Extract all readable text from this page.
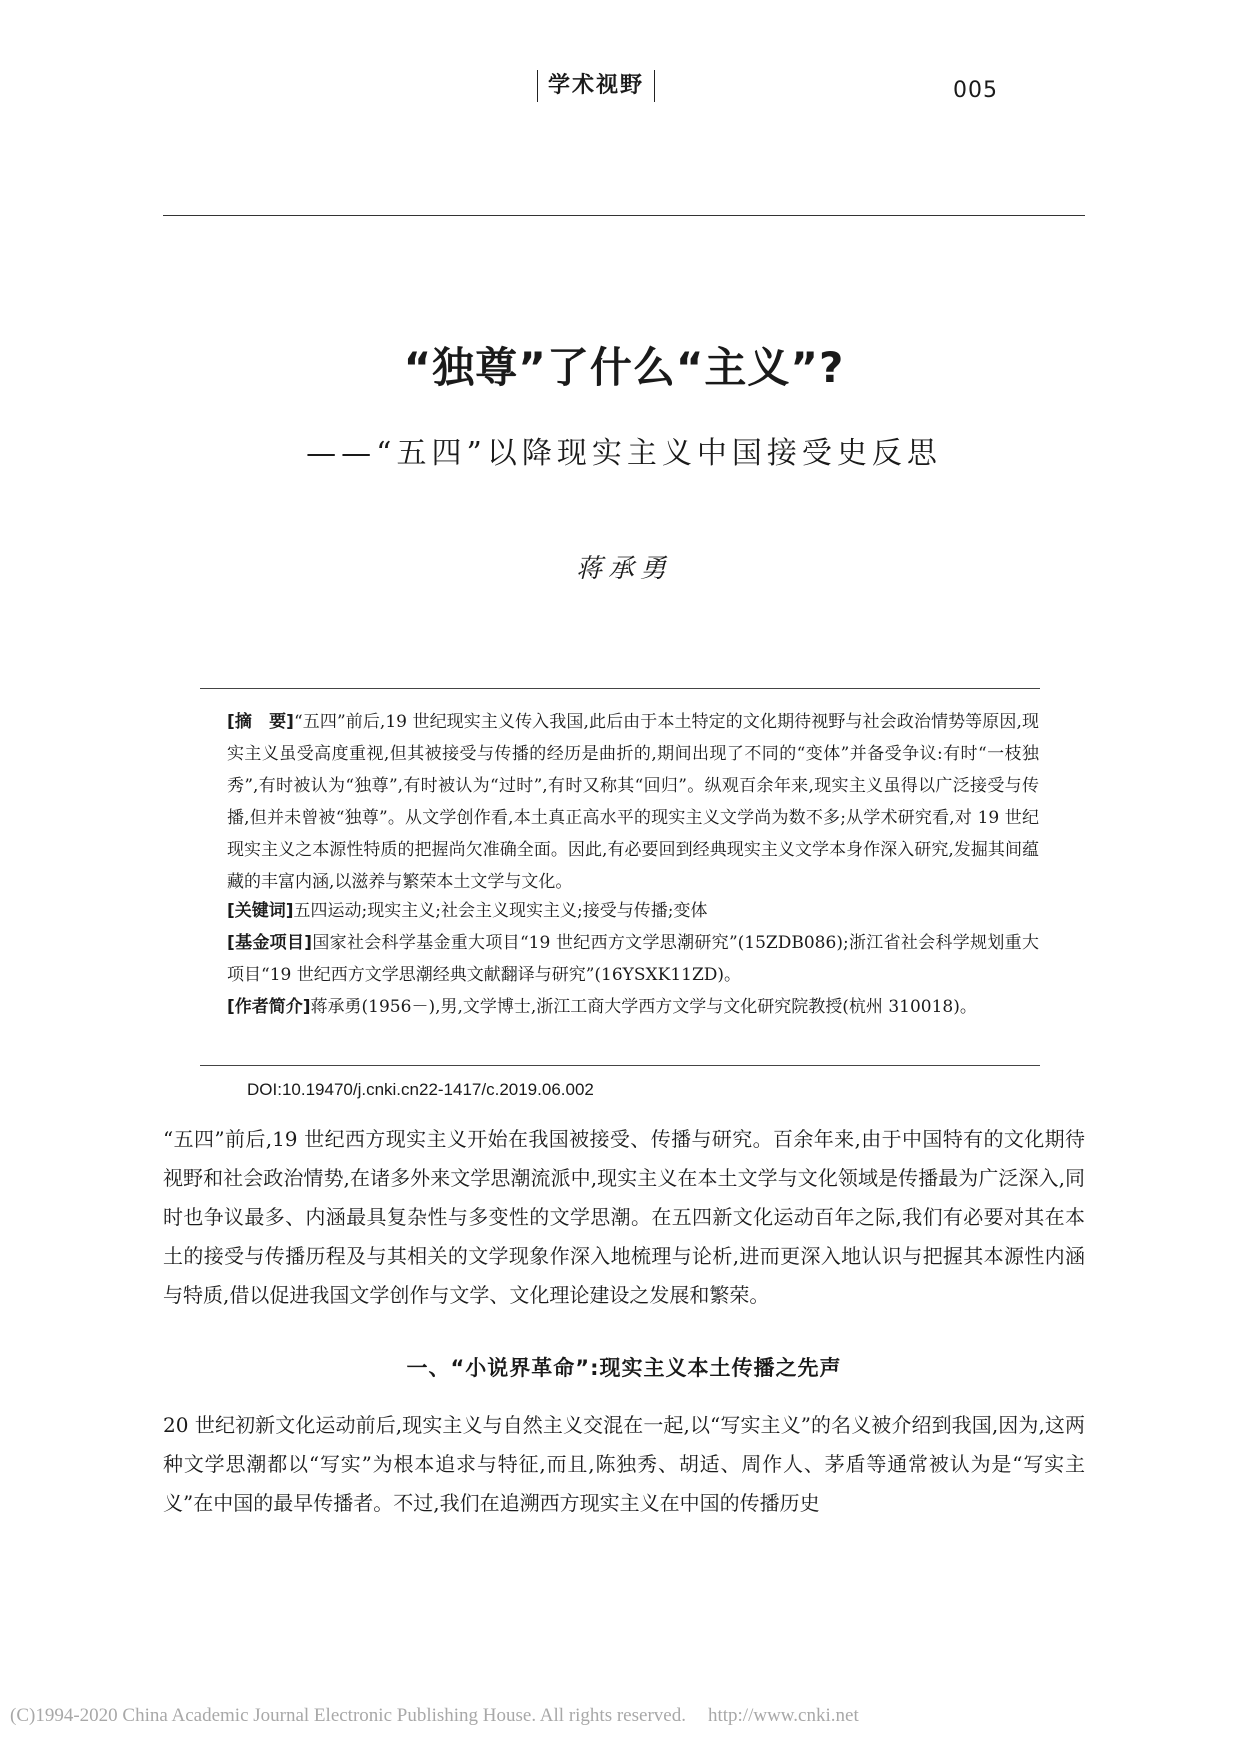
学术视野	005
“独尊”了什么“主义”?
——“五四”以降现实主义中国接受史反思
蒋承勇
[摘　要]“五四”前后,19 世纪现实主义传入我国,此后由于本土特定的文化期待视野与社会政治情势等原因,现实主义虽受高度重视,但其被接受与传播的经历是曲折的,期间出现了不同的“变体”并备受争议:有时“一枝独秀”,有时被认为“独尊”,有时被认为“过时”,有时又称其“回归”。纵观百余年来,现实主义虽得以广泛接受与传播,但并未曾被“独尊”。从文学创作看,本土真正高水平的现实主义文学尚为数不多;从学术研究看,对 19 世纪现实主义之本源性特质的把握尚欠准确全面。因此,有必要回到经典现实主义文学本身作深入研究,发掘其间蕴藏的丰富内涵,以滋养与繁荣本土文学与文化。
[关键词]五四运动;现实主义;社会主义现实主义;接受与传播;变体
[基金项目]国家社会科学基金重大项目“19 世纪西方文学思潮研究”(15ZDB086);浙江省社会科学规划重大项目“19 世纪西方文学思潮经典文献翻译与研究”(16YSXK11ZD)。
[作者简介]蒋承勇(1956－),男,文学博士,浙江工商大学西方文学与文化研究院教授(杭州 310018)。
DOI:10.19470/j.cnki.cn22-1417/c.2019.06.002
“五四”前后,19 世纪西方现实主义开始在我国被接受、传播与研究。百余年来,由于中国特有的文化期待视野和社会政治情势,在诸多外来文学思潮流派中,现实主义在本土文学与文化领域是传播最为广泛深入,同时也争议最多、内涵最具复杂性与多变性的文学思潮。在五四新文化运动百年之际,我们有必要对其在本土的接受与传播历程及与其相关的文学现象作深入地梳理与论析,进而更深入地认识与把握其本源性内涵与特质,借以促进我国文学创作与文学、文化理论建设之发展和繁荣。
一、“小说界革命”:现实主义本土传播之先声
20 世纪初新文化运动前后,现实主义与自然主义交混在一起,以“写实主义”的名义被介绍到我国,因为,这两种文学思潮都以“写实”为根本追求与特征,而且,陈独秀、胡适、周作人、茅盾等通常被认为是“写实主义”在中国的最早传播者。不过,我们在追溯西方现实主义在中国的传播历史
(C)1994-2020 China Academic Journal Electronic Publishing House. All rights reserved. http://www.cnki.net
